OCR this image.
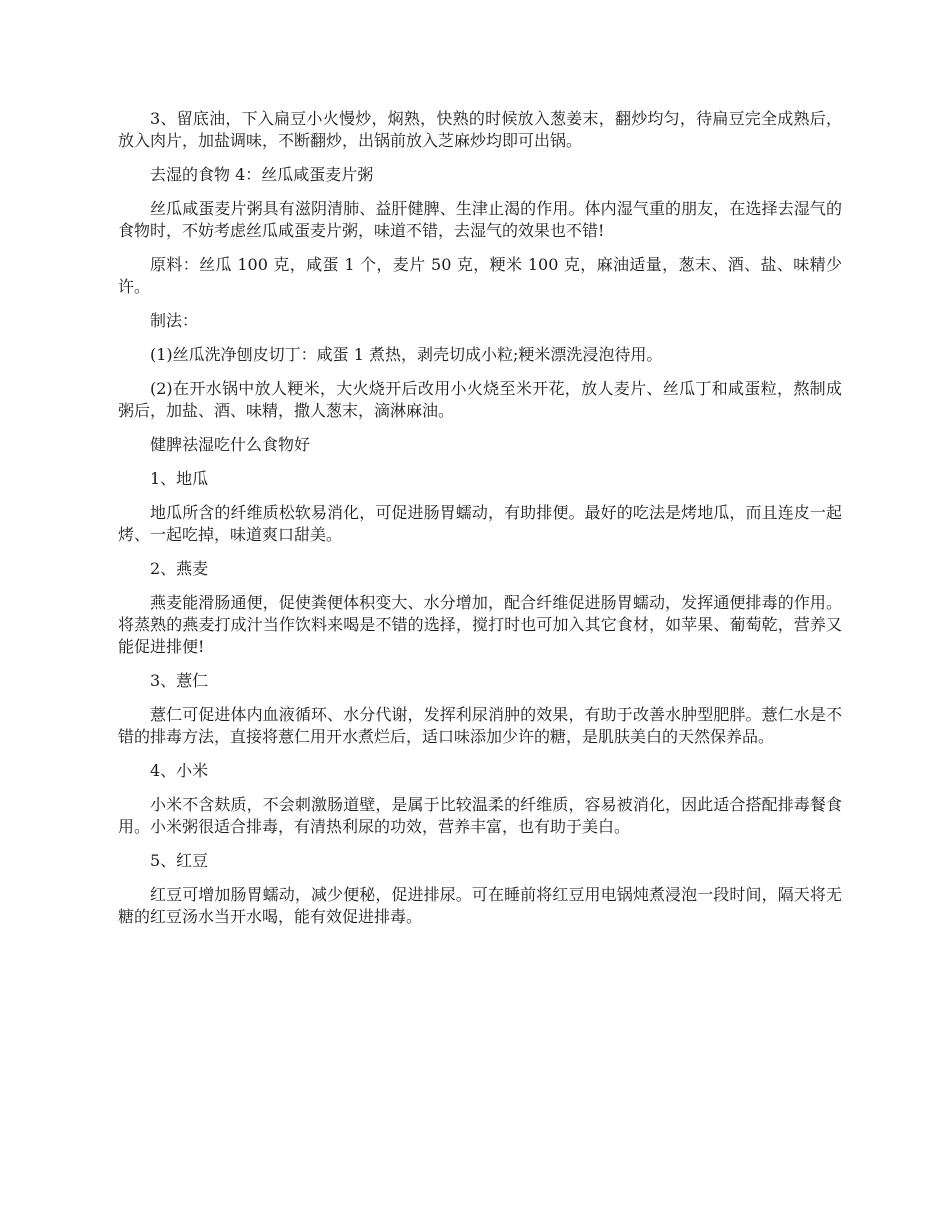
3、留底油，下入扁豆小火慢炒，焖熟，快熟的时候放入葱姜末，翻炒均匀，待扁豆完全成熟后，放入肉片，加盐调味，不断翻炒，出锅前放入芝麻炒均即可出锅。

去湿的食物 4：丝瓜咸蛋麦片粥

丝瓜咸蛋麦片粥具有滋阴清肺、益肝健脾、生津止渴的作用。体内湿气重的朋友，在选择去湿气的食物时，不妨考虑丝瓜咸蛋麦片粥，味道不错，去湿气的效果也不错!

原料：丝瓜 100 克，咸蛋 1 个，麦片 50 克，粳米 100 克，麻油适量，葱末、酒、盐、味精少许。

制法：

(1)丝瓜洗净刨皮切丁：咸蛋 1 煮热，剥壳切成小粒;粳米漂洗浸泡待用。

(2)在开水锅中放人粳米，大火烧开后改用小火烧至米开花，放人麦片、丝瓜丁和咸蛋粒，熬制成粥后，加盐、酒、味精，撒人葱末，滴淋麻油。

健脾祛湿吃什么食物好

1、地瓜

地瓜所含的纤维质松软易消化，可促进肠胃蠕动，有助排便。最好的吃法是烤地瓜，而且连皮一起烤、一起吃掉，味道爽口甜美。

2、燕麦

燕麦能滑肠通便，促使粪便体积变大、水分增加，配合纤维促进肠胃蠕动，发挥通便排毒的作用。将蒸熟的燕麦打成汁当作饮料来喝是不错的选择，搅打时也可加入其它食材，如苹果、葡萄乾，营养又能促进排便!

3、薏仁

薏仁可促进体内血液循环、水分代谢，发挥利尿消肿的效果，有助于改善水肿型肥胖。薏仁水是不错的排毒方法，直接将薏仁用开水煮烂后，适口味添加少许的糖，是肌肤美白的天然保养品。

4、小米

小米不含麸质，不会刺激肠道壁，是属于比较温柔的纤维质，容易被消化，因此适合搭配排毒餐食用。小米粥很适合排毒，有清热利尿的功效，营养丰富，也有助于美白。

5、红豆

红豆可增加肠胃蠕动，减少便秘，促进排尿。可在睡前将红豆用电锅炖煮浸泡一段时间，隔天将无糖的红豆汤水当开水喝，能有效促进排毒。
